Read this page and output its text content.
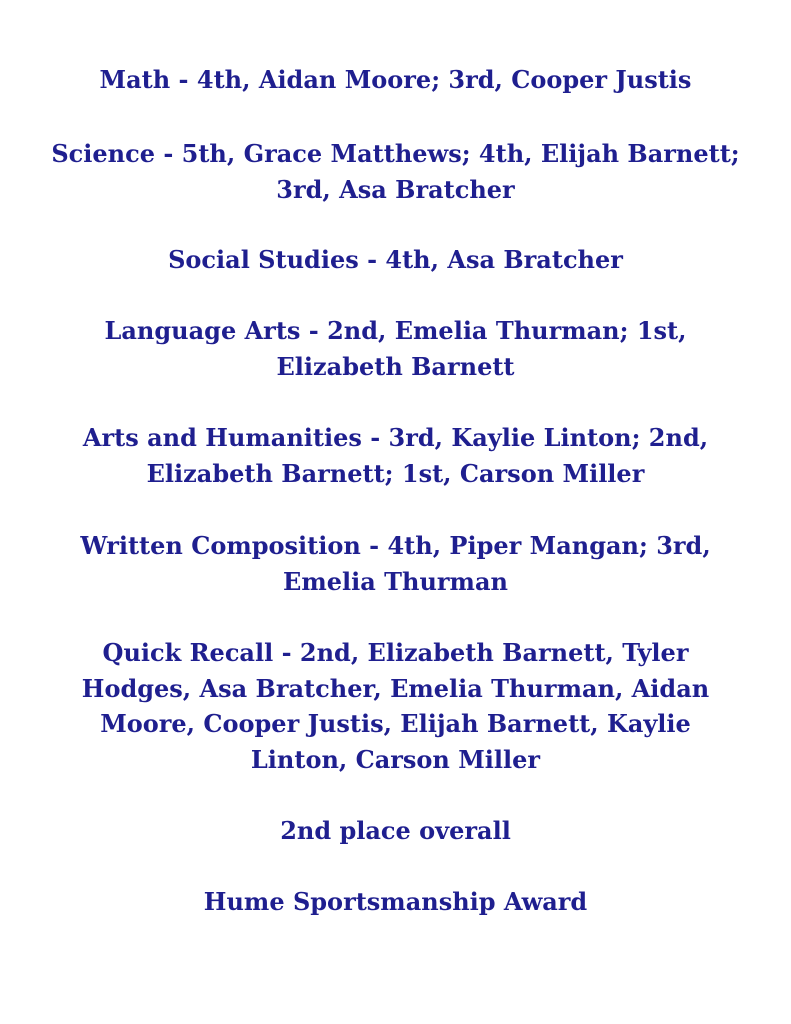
Math - 4th, Aidan Moore; 3rd, Cooper Justis

Science - 5th, Grace Matthews; 4th, Elijah Barnett;
3rd, Asa Bratcher

Social Studies - 4th, Asa Bratcher

Language Arts - 2nd, Emelia Thurman; 1st,
Elizabeth Barnett

Arts and Humanities - 3rd, Kaylie Linton; 2nd,
Elizabeth Barnett; 1st, Carson Miller

Written Composition - 4th, Piper Mangan; 3rd,
Emelia Thurman

Quick Recall - 2nd, Elizabeth Barnett, Tyler
Hodges, Asa Bratcher, Emelia Thurman, Aidan
Moore, Cooper Justis, Elijah Barnett, Kaylie
Linton, Carson Miller

2nd place overall

Hume Sportsmanship Award
